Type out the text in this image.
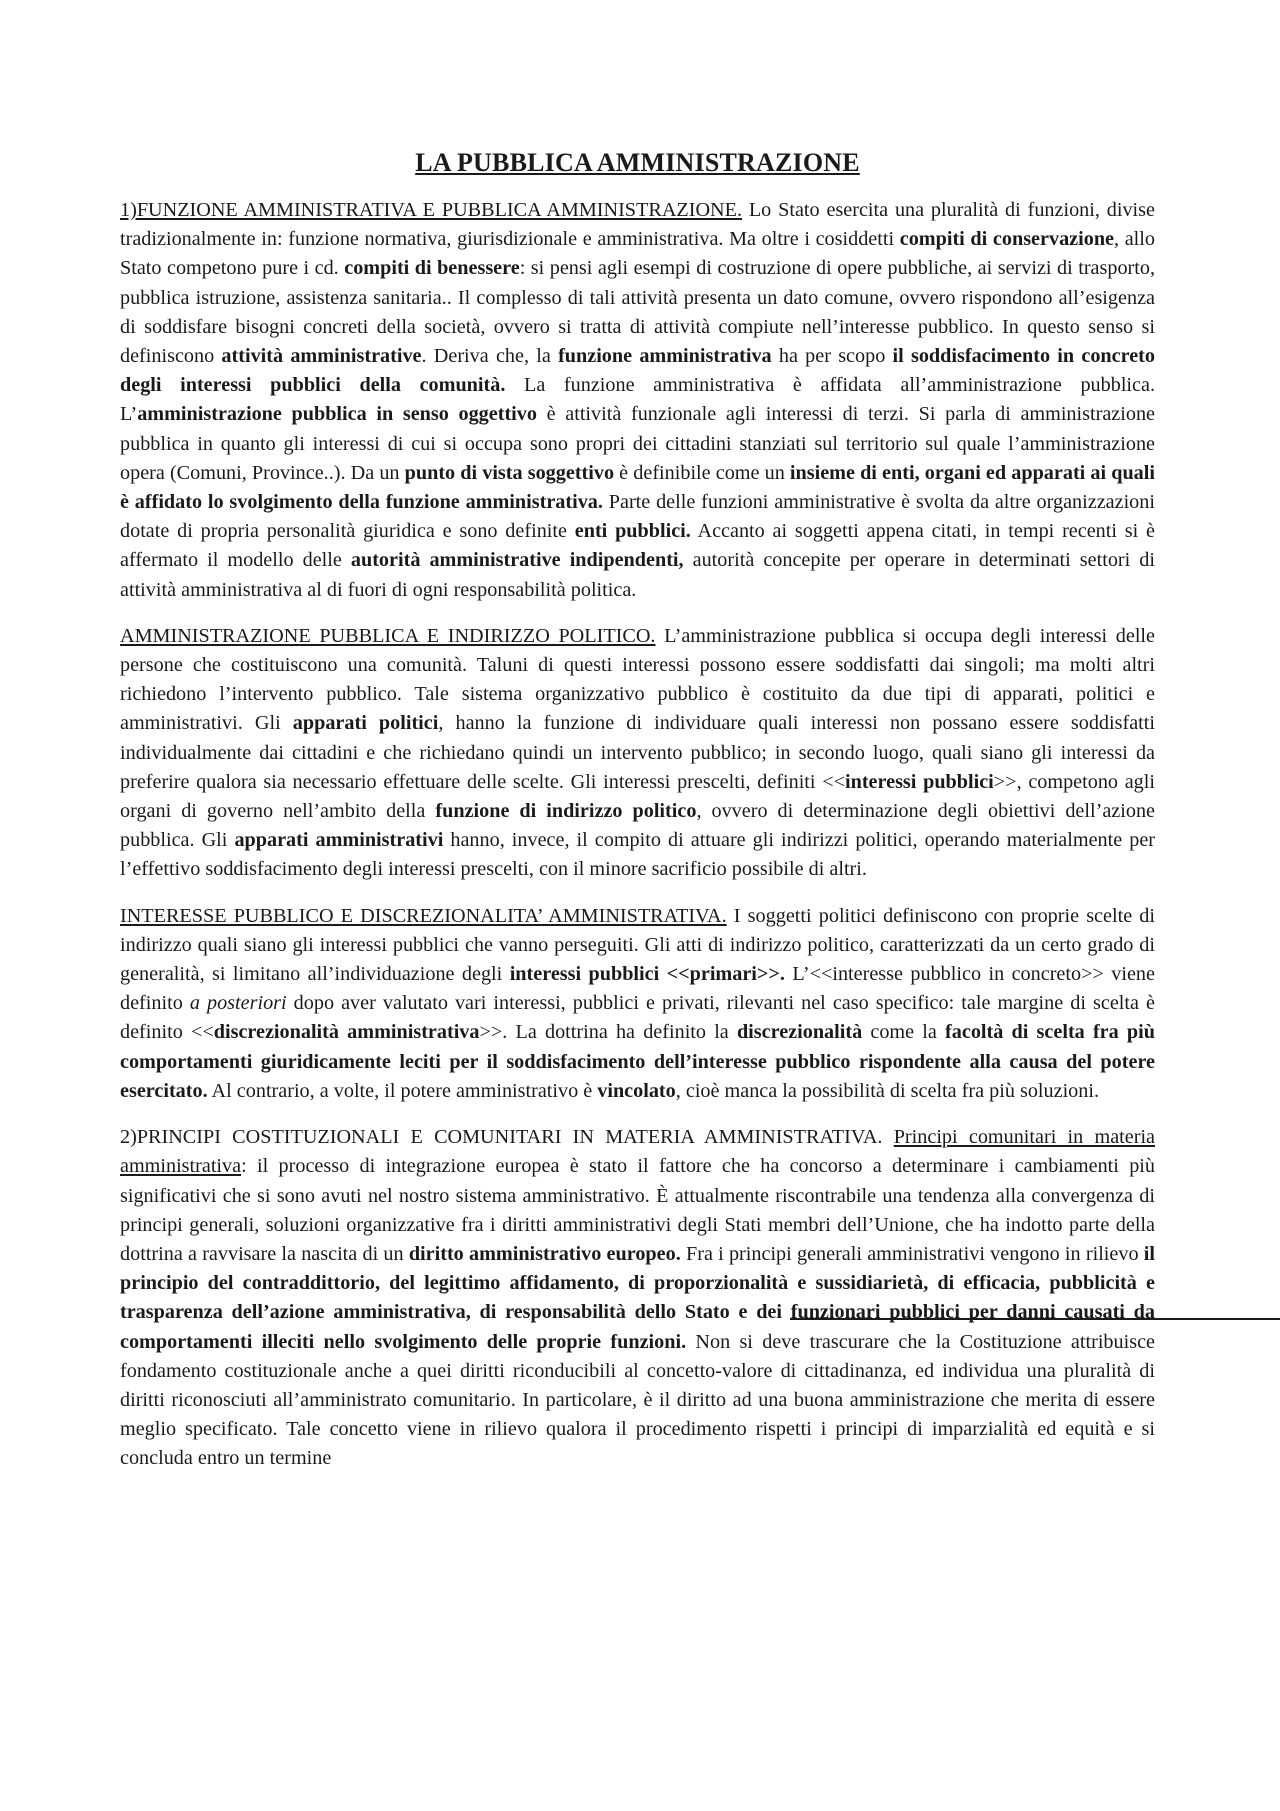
LA PUBBLICA AMMINISTRAZIONE

1)FUNZIONE AMMINISTRATIVA E PUBBLICA AMMINISTRAZIONE. Lo Stato esercita una pluralità di funzioni, divise tradizionalmente in: funzione normativa, giurisdizionale e amministrativa. Ma oltre i cosiddetti compiti di conservazione, allo Stato competono pure i cd. compiti di benessere: si pensi agli esempi di costruzione di opere pubbliche, ai servizi di trasporto, pubblica istruzione, assistenza sanitaria.. Il complesso di tali attività presenta un dato comune, ovvero rispondono all’esigenza di soddisfare bisogni concreti della società, ovvero si tratta di attività compiute nell’interesse pubblico. In questo senso si definiscono attività amministrative. Deriva che, la funzione amministrativa ha per scopo il soddisfacimento in concreto degli interessi pubblici della comunità. La funzione amministrativa è affidata all’amministrazione pubblica. L’amministrazione pubblica in senso oggettivo è attività funzionale agli interessi di terzi. Si parla di amministrazione pubblica in quanto gli interessi di cui si occupa sono propri dei cittadini stanziati sul territorio sul quale l’amministrazione opera (Comuni, Province..). Da un punto di vista soggettivo è definibile come un insieme di enti, organi ed apparati ai quali è affidato lo svolgimento della funzione amministrativa. Parte delle funzioni amministrative è svolta da altre organizzazioni dotate di propria personalità giuridica e sono definite enti pubblici. Accanto ai soggetti appena citati, in tempi recenti si è affermato il modello delle autorità amministrative indipendenti, autorità concepite per operare in determinati settori di attività amministrativa al di fuori di ogni responsabilità politica.

AMMINISTRAZIONE PUBBLICA E INDIRIZZO POLITICO. L’amministrazione pubblica si occupa degli interessi delle persone che costituiscono una comunità. Taluni di questi interessi possono essere soddisfatti dai singoli; ma molti altri richiedono l’intervento pubblico. Tale sistema organizzativo pubblico è costituito da due tipi di apparati, politici e amministrativi. Gli apparati politici, hanno la funzione di individuare quali interessi non possano essere soddisfatti individualmente dai cittadini e che richiedano quindi un intervento pubblico; in secondo luogo, quali siano gli interessi da preferire qualora sia necessario effettuare delle scelte. Gli interessi prescelti, definiti <<interessi pubblici>>, competono agli organi di governo nell’ambito della funzione di indirizzo politico, ovvero di determinazione degli obiettivi dell’azione pubblica. Gli apparati amministrativi hanno, invece, il compito di attuare gli indirizzi politici, operando materialmente per l’effettivo soddisfacimento degli interessi prescelti, con il minore sacrificio possibile di altri.

INTERESSE PUBBLICO E DISCREZIONALITA’ AMMINISTRATIVA. I soggetti politici definiscono con proprie scelte di indirizzo quali siano gli interessi pubblici che vanno perseguiti. Gli atti di indirizzo politico, caratterizzati da un certo grado di generalità, si limitano all’individuazione degli interessi pubblici <<primari>>. L’<<interesse pubblico in concreto>> viene definito a posteriori dopo aver valutato vari interessi, pubblici e privati, rilevanti nel caso specifico: tale margine di scelta è definito <<discrezionalità amministrativa>>. La dottrina ha definito la discrezionalità come la facoltà di scelta fra più comportamenti giuridicamente leciti per il soddisfacimento dell’interesse pubblico rispondente alla causa del potere esercitato. Al contrario, a volte, il potere amministrativo è vincolato, cioè manca la possibilità di scelta fra più soluzioni.

2)PRINCIPI COSTITUZIONALI E COMUNITARI IN MATERIA AMMINISTRATIVA. Principi comunitari in materia amministrativa: il processo di integrazione europea è stato il fattore che ha concorso a determinare i cambiamenti più significativi che si sono avuti nel nostro sistema amministrativo. È attualmente riscontrabile una tendenza alla convergenza di principi generali, soluzioni organizzative fra i diritti amministrativi degli Stati membri dell’Unione, che ha indotto parte della dottrina a ravvisare la nascita di un diritto amministrativo europeo. Fra i principi generali amministrativi vengono in rilievo il principio del contraddittorio, del legittimo affidamento, di proporzionalità e sussidiarietà, di efficacia, pubblicità e trasparenza dell’azione amministrativa, di responsabilità dello Stato e dei funzionari pubblici per danni causati da comportamenti illeciti nello svolgimento delle proprie funzioni. Non si deve trascurare che la Costituzione attribuisce fondamento costituzionale anche a quei diritti riconducibili al concetto-valore di cittadinanza, ed individua una pluralità di diritti riconosciuti all’amministrato comunitario. In particolare, è il diritto ad una buona amministrazione che merita di essere meglio specificato. Tale concetto viene in rilievo qualora il procedimento rispetti i principi di imparzialità ed equità e si concluda entro un termine
